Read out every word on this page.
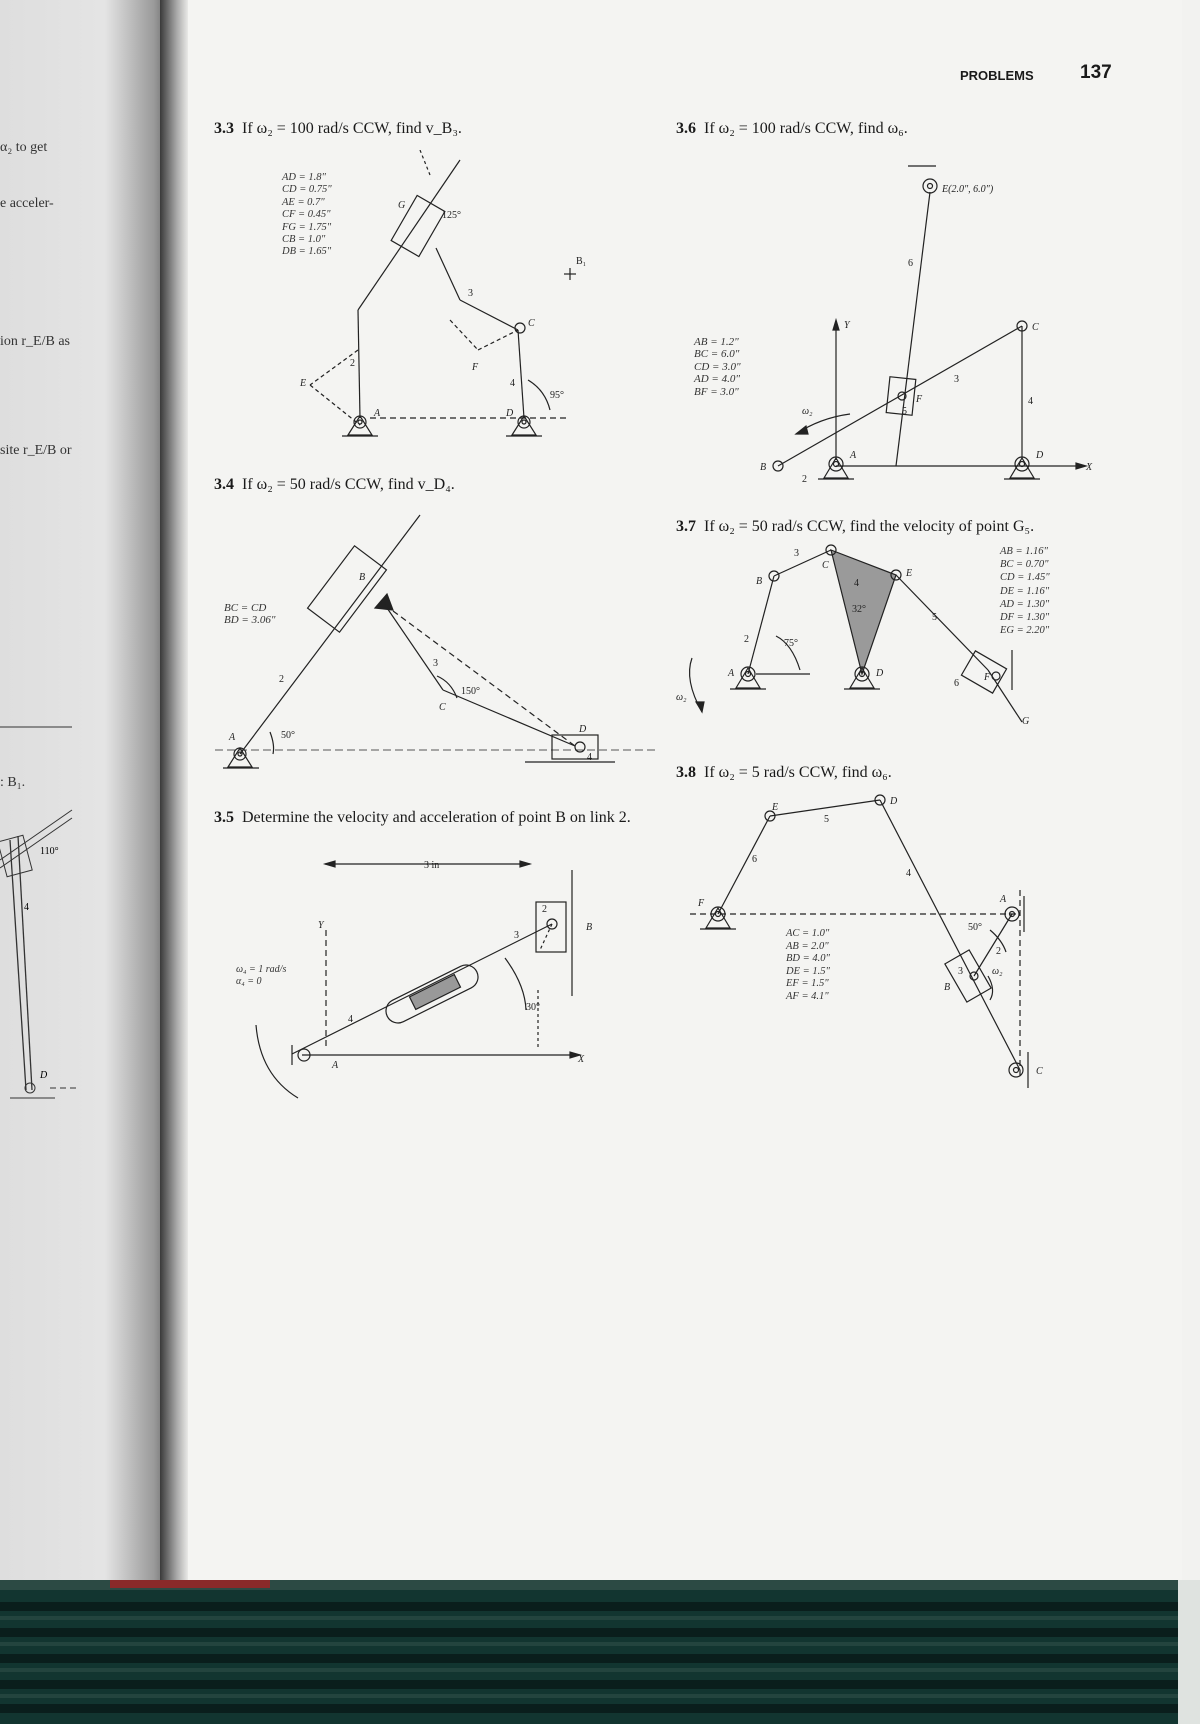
α₂ to get
e acceler-
ion r_E/B as
site r_E/B or
: B₁.
110°
4
D
PROBLEMS 137
3.3 If ω₂ = 100 rad/s CCW, find v_B₃.
AD = 1.8"
CD = 0.75"
AE = 0.7"
CF = 0.45"
FG = 1.75"
CB = 1.0"
DB = 1.65"
G
125°
B₁
3
C
F
4
2
E
95°
A	D
3.4 If ω₂ = 50 rad/s CCW, find v_D₄.
BC = CD
BD = 3.06"
B
3
150°
C
D
4
2
50°
A
3.5 Determine the velocity and acceleration of point B on link 2.
ω₄ = 1 rad/s
α₄ = 0
3 in
2
B
Y
3
30°
4
A
X
3.6 If ω₂ = 100 rad/s CCW, find ω₆.
AB = 1.2"
BC = 6.0"
CD = 3.0"
AD = 4.0"
BF = 3.0"
E(2.0", 6.0")
6
Y	C
3
F
5
4
ω₂
B
2
A	D
X
3.7 If ω₂ = 50 rad/s CCW, find the velocity of point G₅.
AB = 1.16"
BC = 0.70"
CD = 1.45"
DE = 1.16"
AD = 1.30"
DF = 1.30"
EG = 2.20"
3
C
B	4
E
32°
5
2	75°
A	D	F
6
G
ω₂
3.8 If ω₂ = 5 rad/s CCW, find ω₆.
AC = 1.0"
AB = 2.0"
BD = 4.0"
DE = 1.5"
EF = 1.5"
AF = 4.1"
E
D
5
6
4
F	A
50°
2
3	ω₂
B
C
